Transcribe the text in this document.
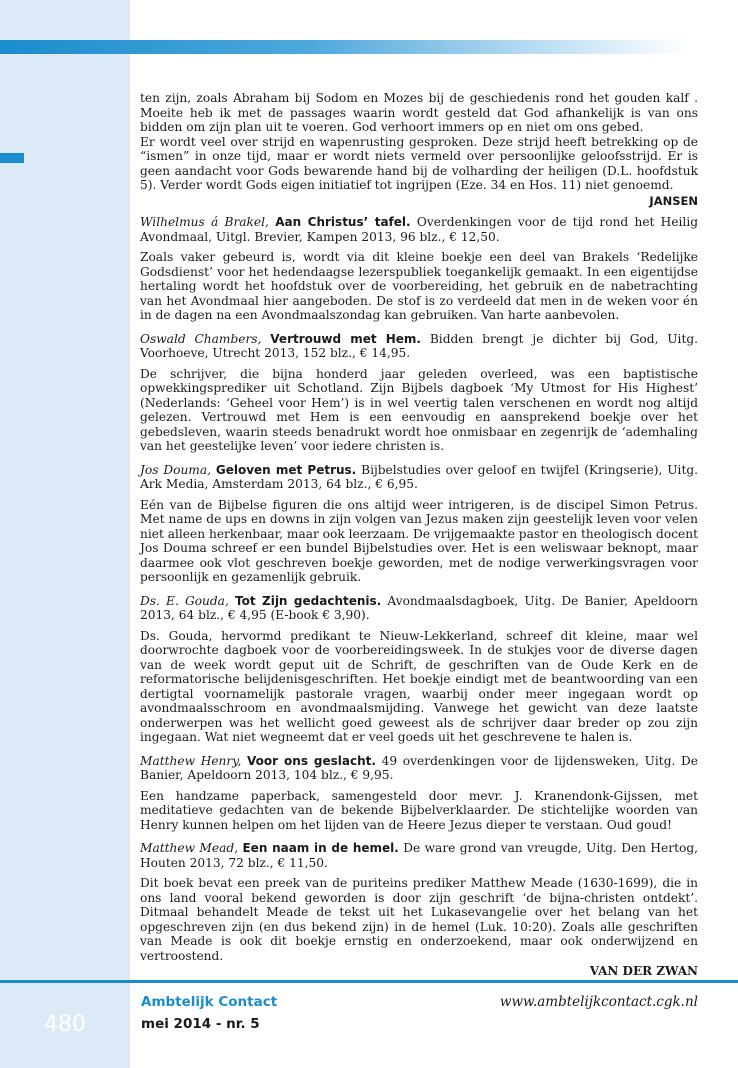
ten zijn, zoals Abraham bij Sodom en Mozes bij de geschiedenis rond het gouden kalf . Moeite heb ik met de passages waarin wordt gesteld dat God afhankelijk is van ons bidden om zijn plan uit te voeren. God verhoort immers op en niet om ons gebed.

Er wordt veel over strijd en wapenrusting gesproken. Deze strijd heeft betrekking op de “ismen” in onze tijd, maar er wordt niets vermeld over persoonlijke geloofsstrijd. Er is geen aandacht voor Gods bewarende hand bij de volharding der heiligen (D.L. hoofdstuk 5). Verder wordt Gods eigen initiatief tot ingrijpen (Eze. 34 en Hos. 11) niet genoemd.

JANSEN
Wilhelmus á Brakel, Aan Christus’ tafel. Overdenkingen voor de tijd rond het Heilig Avondmaal, Uitgl. Brevier, Kampen 2013, 96 blz., € 12,50.
Zoals vaker gebeurd is, wordt via dit kleine boekje een deel van Brakels ‘Redelijke Godsdienst’ voor het hedendaagse lezerspubliek toegankelijk gemaakt. In een eigentijdse hertaling wordt het hoofdstuk over de voorbereiding, het gebruik en de nabetrachting van het Avondmaal hier aangeboden. De stof is zo verdeeld dat men in de weken voor én in de dagen na een Avondmaalszondag kan gebruiken. Van harte aanbevolen.
Oswald Chambers, Vertrouwd met Hem. Bidden brengt je dichter bij God, Uitg. Voorhoeve, Utrecht 2013, 152 blz., € 14,95.
De schrijver, die bijna honderd jaar geleden overleed, was een baptistische opwekkingsprediker uit Schotland. Zijn Bijbels dagboek ‘My Utmost for His Highest’ (Nederlands: ‘Geheel voor Hem’) is in wel veertig talen verschenen en wordt nog altijd gelezen. Vertrouwd met Hem is een eenvoudig en aansprekend boekje over het gebedsleven, waarin steeds benadrukt wordt hoe onmisbaar en zegenrijk de ‘ademhaling van het geestelijke leven’ voor iedere christen is.
Jos Douma, Geloven met Petrus. Bijbelstudies over geloof en twijfel (Kringserie), Uitg. Ark Media, Amsterdam 2013, 64 blz., € 6,95.
Eén van de Bijbelse figuren die ons altijd weer intrigeren, is de discipel Simon Petrus. Met name de ups en downs in zijn volgen van Jezus maken zijn geestelijk leven voor velen niet alleen herkenbaar, maar ook leerzaam. De vrijgemaakte pastor en theologisch docent Jos Douma schreef er een bundel Bijbelstudies over. Het is een weliswaar beknopt, maar daarmee ook vlot geschreven boekje geworden, met de nodige verwerkingsvragen voor persoonlijk en gezamenlijk gebruik.
Ds. E. Gouda, Tot Zijn gedachtenis. Avondmaalsdagboek, Uitg. De Banier, Apeldoorn 2013, 64 blz., € 4,95 (E-book € 3,90).
Ds. Gouda, hervormd predikant te Nieuw-Lekkerland, schreef dit kleine, maar wel doorwrochte dagboek voor de voorbereidingsweek. In de stukjes voor de diverse dagen van de week wordt geput uit de Schrift, de geschriften van de Oude Kerk en de reformatorische belijdenisgeschriften. Het boekje eindigt met de beantwoording van een dertigtal voornamelijk pastorale vragen, waarbij onder meer ingegaan wordt op avondmaalsschroom en avondmaalsmijding. Vanwege het gewicht van deze laatste onderwerpen was het wellicht goed geweest als de schrijver daar breder op zou zijn ingegaan. Wat niet wegneemt dat er veel goeds uit het geschrevene te halen is.
Matthew Henry, Voor ons geslacht. 49 overdenkingen voor de lijdensweken, Uitg. De Banier, Apeldoorn 2013, 104 blz., € 9,95.
Een handzame paperback, samengesteld door mevr. J. Kranendonk-Gijssen, met meditatieve gedachten van de bekende Bijbelverklaarder. De stichtelijke woorden van Henry kunnen helpen om het lijden van de Heere Jezus dieper te verstaan. Oud goud!
Matthew Mead, Een naam in de hemel. De ware grond van vreugde, Uitg. Den Hertog, Houten 2013, 72 blz., € 11,50.
Dit boek bevat een preek van de puriteins prediker Matthew Meade (1630-1699), die in ons land vooral bekend geworden is door zijn geschrift ‘de bijna-christen ontdekt’. Ditmaal behandelt Meade de tekst uit het Lukasevangelie over het belang van het opgeschreven zijn (en dus bekend zijn) in de hemel (Luk. 10:20). Zoals alle geschriften van Meade is ook dit boekje ernstig en onderzoekend, maar ook onderwijzend en vertroostend.
VAN DER ZWAN
480
Ambtelijk Contact
mei 2014 - nr. 5
www.ambtelijkcontact.cgk.nl
